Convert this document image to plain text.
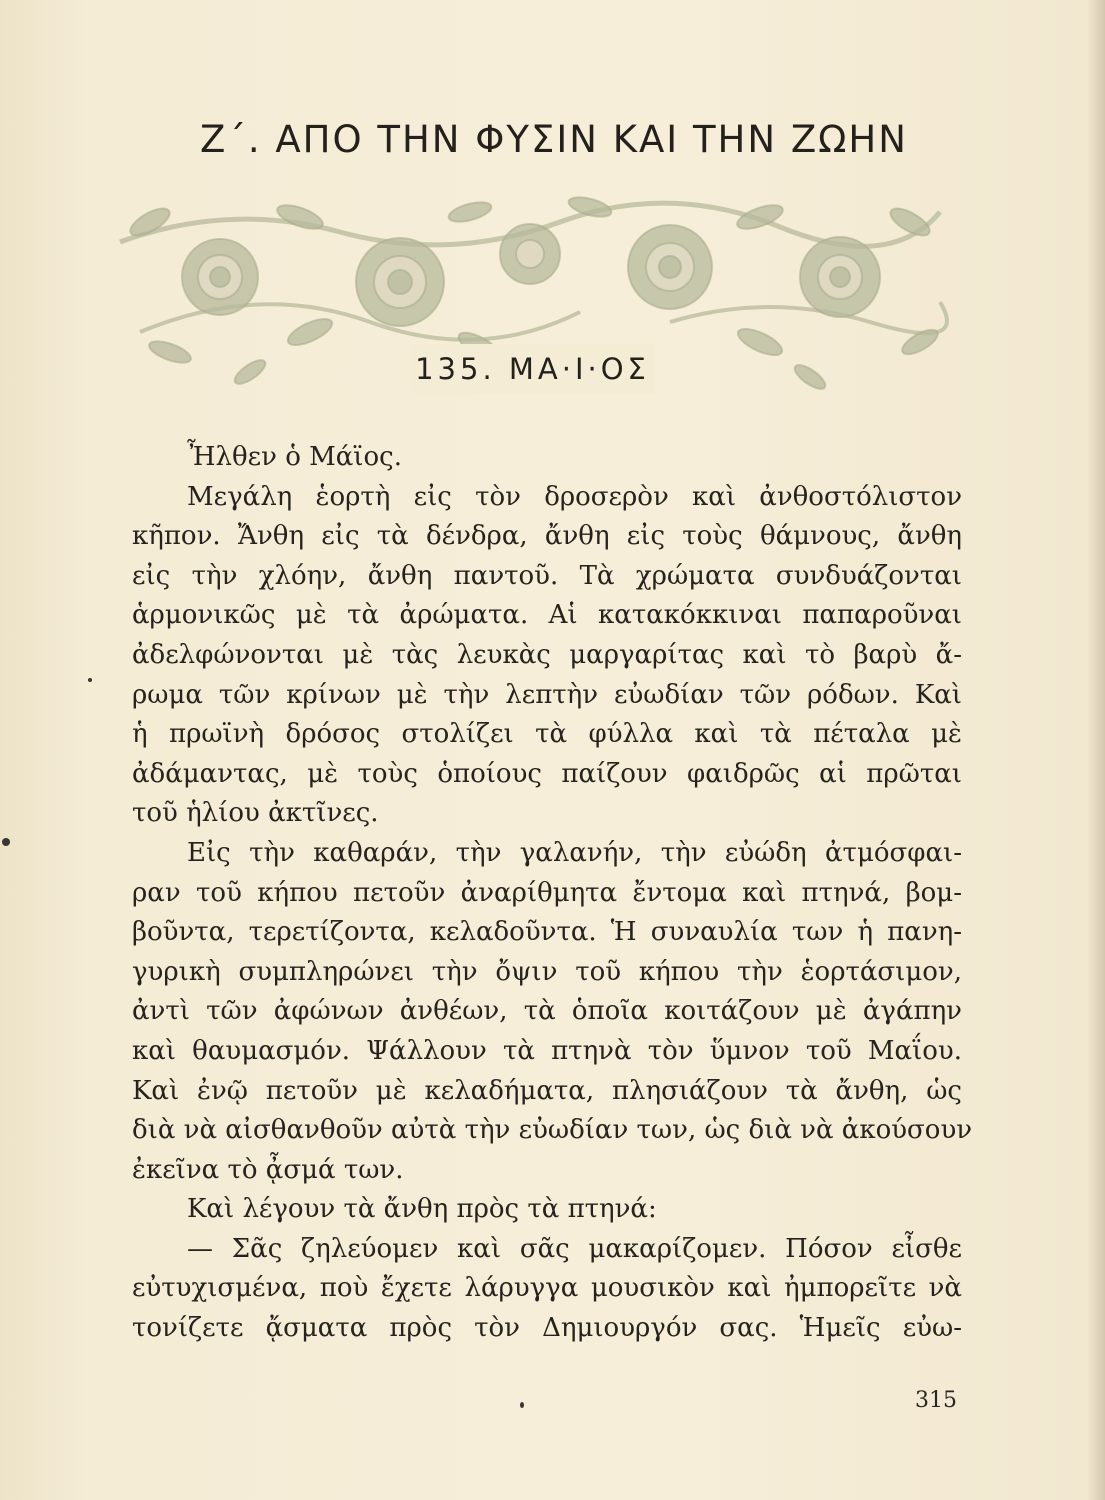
Ζ΄. ΑΠΟ ΤΗΝ ΦΥΣΙΝ ΚΑΙ ΤΗΝ ΖΩΗΝ
135. ΜΑ·Ι·ΟΣ
Ἦλθεν ὁ Μάϊος.
Μεγάλη ἑορτὴ εἰς τὸν δροσερὸν καὶ ἀνθοστόλιστον
κῆπον. Ἄνθη εἰς τὰ δένδρα, ἄνθη εἰς τοὺς θάμνους, ἄνθη
εἰς τὴν χλόην, ἄνθη παντοῦ. Τὰ χρώματα συνδυάζονται
ἁρμονικῶς μὲ τὰ ἀρώματα. Αἱ κατακόκκιναι παπαροῦναι
ἀδελφώνονται μὲ τὰς λευκὰς μαργαρίτας καὶ τὸ βαρὺ ἄ-
ρωμα τῶν κρίνων μὲ τὴν λεπτὴν εὐωδίαν τῶν ρόδων. Καὶ
ἡ πρωϊνὴ δρόσος στολίζει τὰ φύλλα καὶ τὰ πέταλα μὲ
ἀδάμαντας, μὲ τοὺς ὁποίους παίζουν φαιδρῶς αἱ πρῶται
τοῦ ἡλίου ἀκτῖνες.
Εἰς τὴν καθαράν, τὴν γαλανήν, τὴν εὐώδη ἀτμόσφαι-
ραν τοῦ κήπου πετοῦν ἀναρίθμητα ἔντομα καὶ πτηνά, βομ-
βοῦντα, τερετίζοντα, κελαδοῦντα. Ἡ συναυλία των ἡ πανη-
γυρικὴ συμπληρώνει τὴν ὄψιν τοῦ κήπου τὴν ἑορτάσιμον,
ἀντὶ τῶν ἀφώνων ἀνθέων, τὰ ὁποῖα κοιτάζουν μὲ ἀγάπην
καὶ θαυμασμόν. Ψάλλουν τὰ πτηνὰ τὸν ὕμνον τοῦ Μαΐου.
Καὶ ἐνῷ πετοῦν μὲ κελαδήματα, πλησιάζουν τὰ ἄνθη, ὡς
διὰ νὰ αἰσθανθοῦν αὐτὰ τὴν εὐωδίαν των, ὡς διὰ νὰ ἀκούσουν
ἐκεῖνα τὸ ᾆσμά των.
Καὶ λέγουν τὰ ἄνθη πρὸς τὰ πτηνά:
— Σᾶς ζηλεύομεν καὶ σᾶς μακαρίζομεν. Πόσον εἶσθε
εὐτυχισμένα, ποὺ ἔχετε λάρυγγα μουσικὸν καὶ ἠμπορεῖτε νὰ
τονίζετε ᾄσματα πρὸς τὸν Δημιουργόν σας. Ἡμεῖς εὐω-
315
